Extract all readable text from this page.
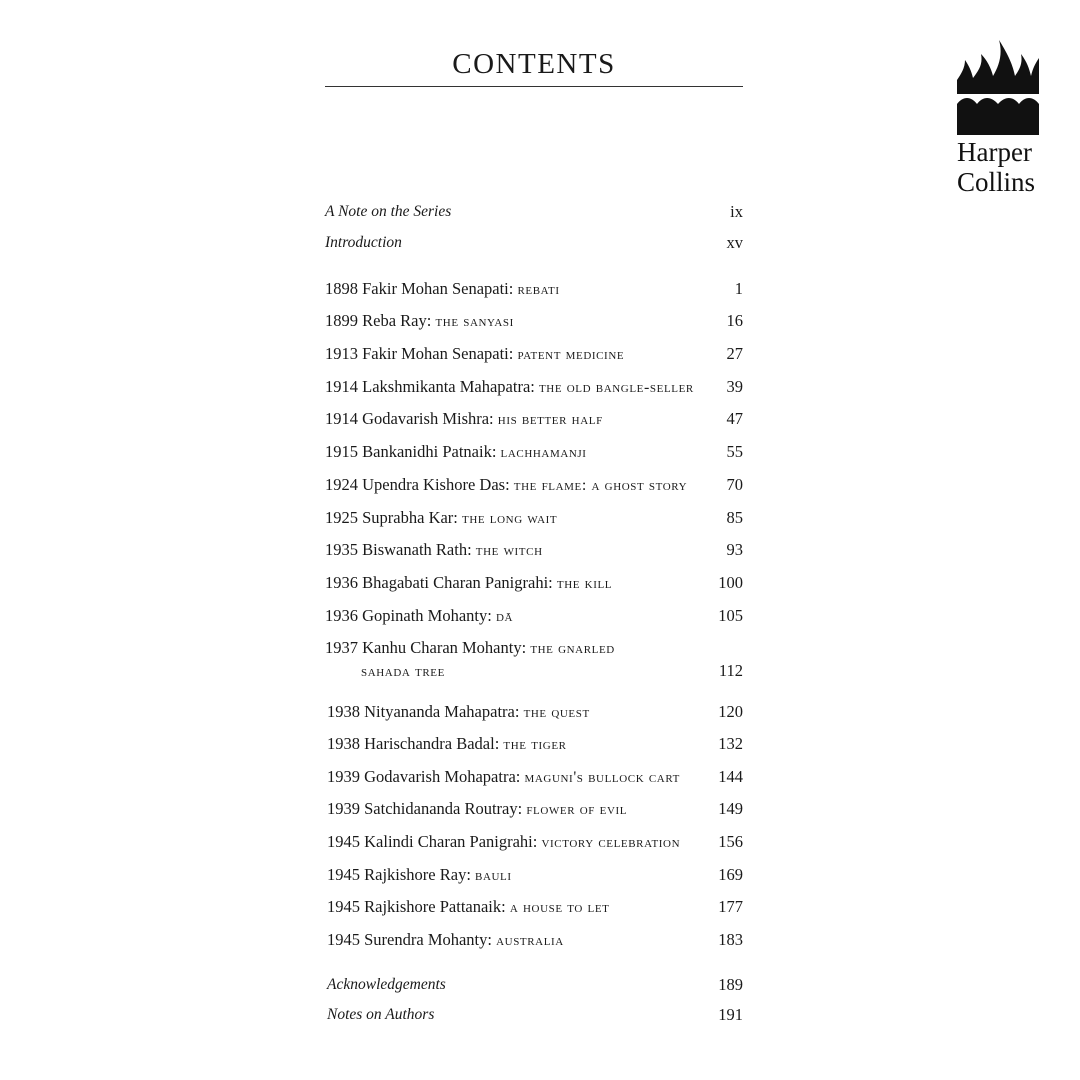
CONTENTS
Harper
Collins
A Note on the Series	ix
Introduction	xv
1898 Fakir Mohan Senapati: rebati	1
1899 Reba Ray: the sanyasi	16
1913 Fakir Mohan Senapati: patent medicine	27
1914 Lakshmikanta Mahapatra: the old bangle-seller 39
1914 Godavarish Mishra: his better half	47
1915 Bankanidhi Patnaik: lachhamanji	55
1924 Upendra Kishore Das: the flame: a ghost story 70
1925 Suprabha Kar: the long wait	85
1935 Biswanath Rath: the witch	93
1936 Bhagabati Charan Panigrahi: the kill	100
1936 Gopinath Mohanty: dā	105
1937 Kanhu Charan Mohanty: the gnarled
sahada tree	112
1938 Nityananda Mahapatra: the quest	120
1938 Harischandra Badal: the tiger	132
1939 Godavarish Mohapatra: maguni's bullock cart 144
1939 Satchidananda Routray: flower of evil	149
1945 Kalindi Charan Panigrahi: victory celebration 156
1945 Rajkishore Ray: bauli	169
1945 Rajkishore Pattanaik: a house to let	177
1945 Surendra Mohanty: australia	183
Acknowledgements	189
Notes on Authors	191
